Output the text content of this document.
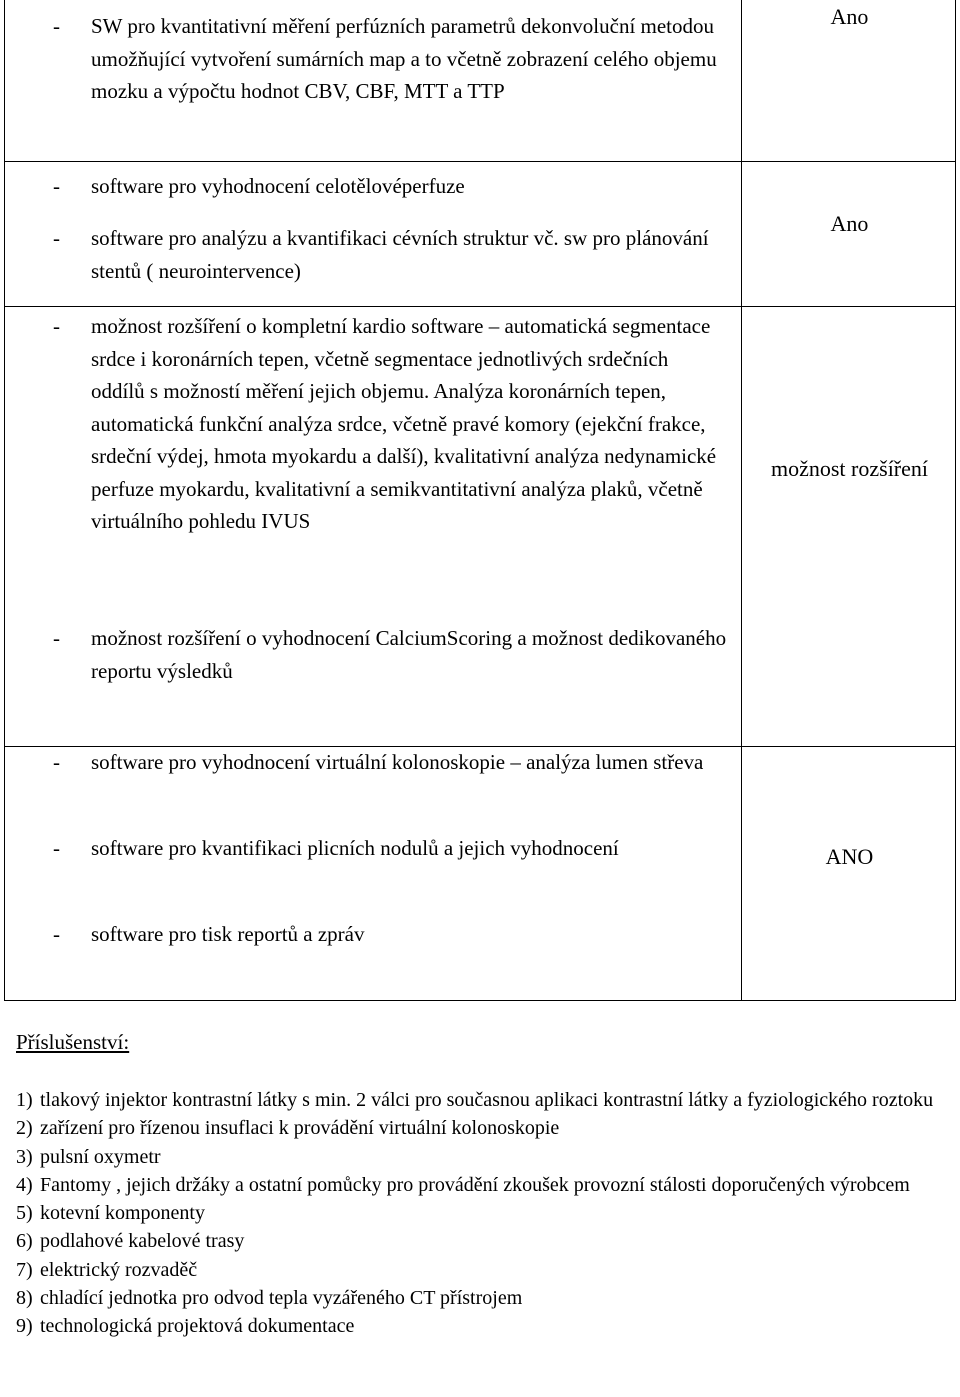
-	SW pro kvantitativní měření perfúzních parametrů dekonvoluční metodou umožňující vytvoření sumárních map a to včetně zobrazení celého objemu mozku a výpočtu hodnot CBV, CBF, MTT a TTP
Ano
-	software pro vyhodnocení celotělovéperfuze
-	software pro analýzu a kvantifikaci cévních struktur vč. sw pro plánování stentů ( neurointervence)
Ano
-	možnost rozšíření o kompletní kardio software – automatická segmentace srdce i koronárních tepen, včetně segmentace jednotlivých srdečních oddílů s možností měření jejich objemu. Analýza koronárních tepen, automatická funkční analýza srdce, včetně pravé komory (ejekční frakce, srdeční výdej, hmota myokardu a další), kvalitativní analýza nedynamické perfuze myokardu, kvalitativní a semikvantitativní analýza plaků, včetně virtuálního pohledu IVUS
-	možnost rozšíření o vyhodnocení CalciumScoring a možnost dedikovaného reportu výsledků
možnost rozšíření
-	software pro vyhodnocení virtuální kolonoskopie – analýza lumen střeva
-	software pro kvantifikaci plicních nodulů a jejich vyhodnocení
-	software pro tisk reportů a zpráv
ANO
Příslušenství:
1) tlakový injektor kontrastní látky s min. 2 válci pro současnou aplikaci kontrastní látky a fyziologického roztoku
2) zařízení pro řízenou insuflaci k provádění virtuální kolonoskopie
3) pulsní oxymetr
4) Fantomy , jejich držáky a ostatní pomůcky pro provádění zkoušek provozní stálosti doporučených výrobcem
5) kotevní komponenty
6) podlahové kabelové trasy
7) elektrický rozvaděč
8) chladící jednotka pro odvod tepla vyzářeného CT přístrojem
9) technologická projektová dokumentace
